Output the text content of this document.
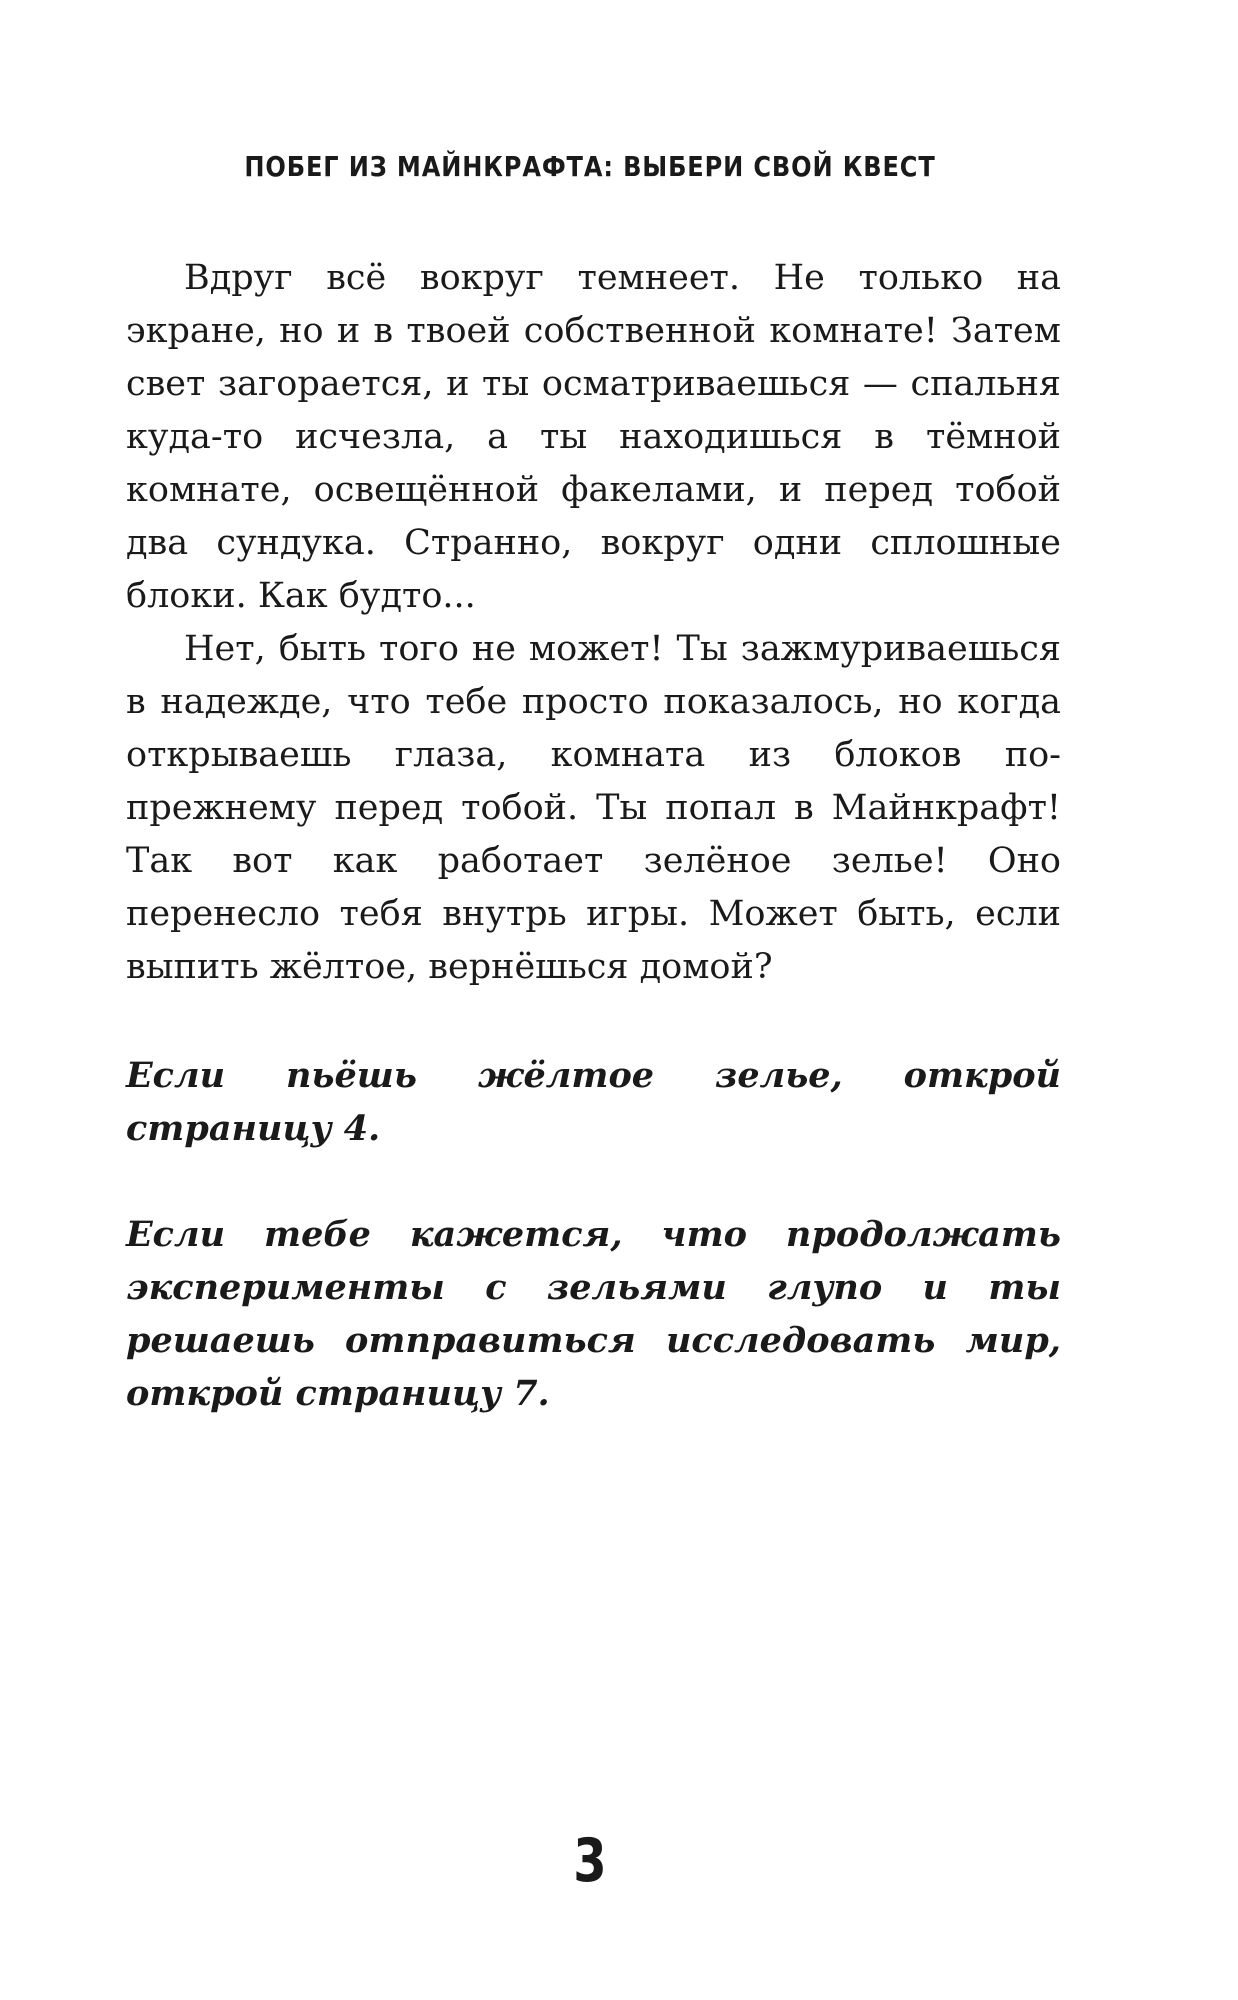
ПОБЕГ ИЗ МАЙНКРАФТА: ВЫБЕРИ СВОЙ КВЕСТ

Вдруг всё вокруг темнеет. Не только на экране, но и в твоей собственной комнате! Затем свет загорается, и ты осматриваешься — спальня куда-то исчезла, а ты находишься в тёмной комнате, освещённой факелами, и перед тобой два сундука. Странно, вокруг одни сплошные блоки. Как будто...

Нет, быть того не может! Ты зажмуриваешься в надежде, что тебе просто показалось, но когда открываешь глаза, комната из блоков по-прежнему перед тобой. Ты попал в Майнкрафт! Так вот как работает зелёное зелье! Оно перенесло тебя внутрь игры. Может быть, если выпить жёлтое, вернёшься домой?

Если пьёшь жёлтое зелье, открой страницу 4.

Если тебе кажется, что продолжать эксперименты с зельями глупо и ты решаешь отправиться исследовать мир, открой страницу 7.

3
